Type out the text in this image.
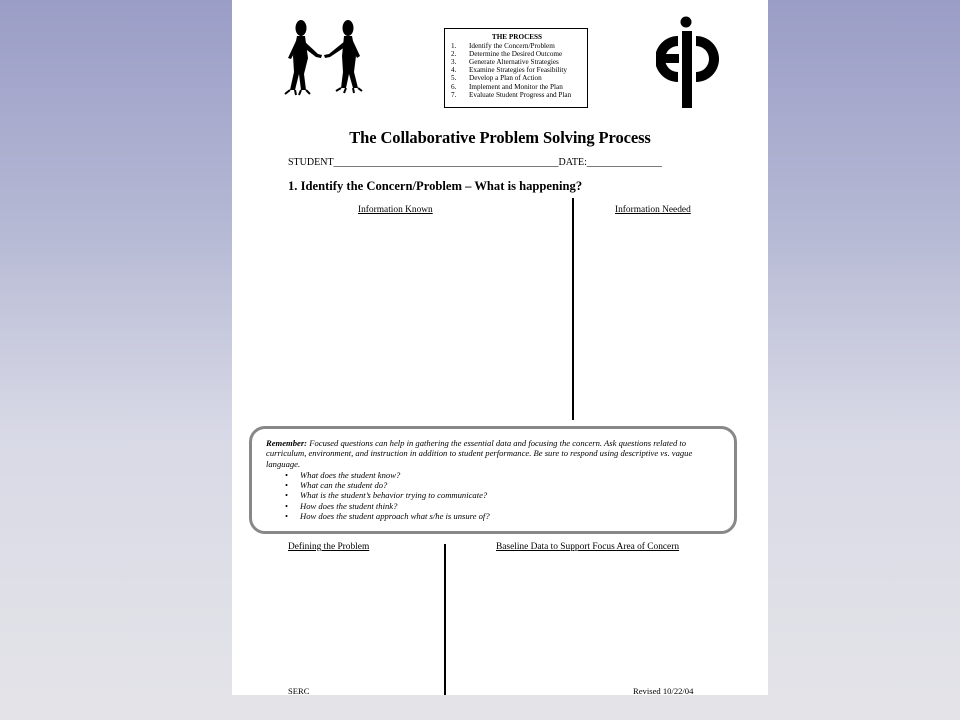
THE PROCESS
1.	Identify the Concern/Problem
2.	Determine the Desired Outcome
3.	Generate Alternative Strategies
4.	Examine Strategies for Feasibility
5.	Develop a Plan of Action
6.	Implement and Monitor the Plan
7.	Evaluate Student Progress and Plan
The Collaborative Problem Solving Process
STUDENT_____________________________________________DATE:_______________
1. Identify the Concern/Problem – What is happening?
Information Known	Information Needed
Remember: Focused questions can help in gathering the essential data and focusing the concern. Ask questions related to curriculum, environment, and instruction in addition to student performance. Be sure to respond using descriptive vs. vague language.
• What does the student know?
• What can the student do?
• What is the student’s behavior trying to communicate?
• How does the student think?
• How does the student approach what s/he is unsure of?
Defining the Problem	Baseline Data to Support Focus Area of Concern
SERC	Revised 10/22/04
